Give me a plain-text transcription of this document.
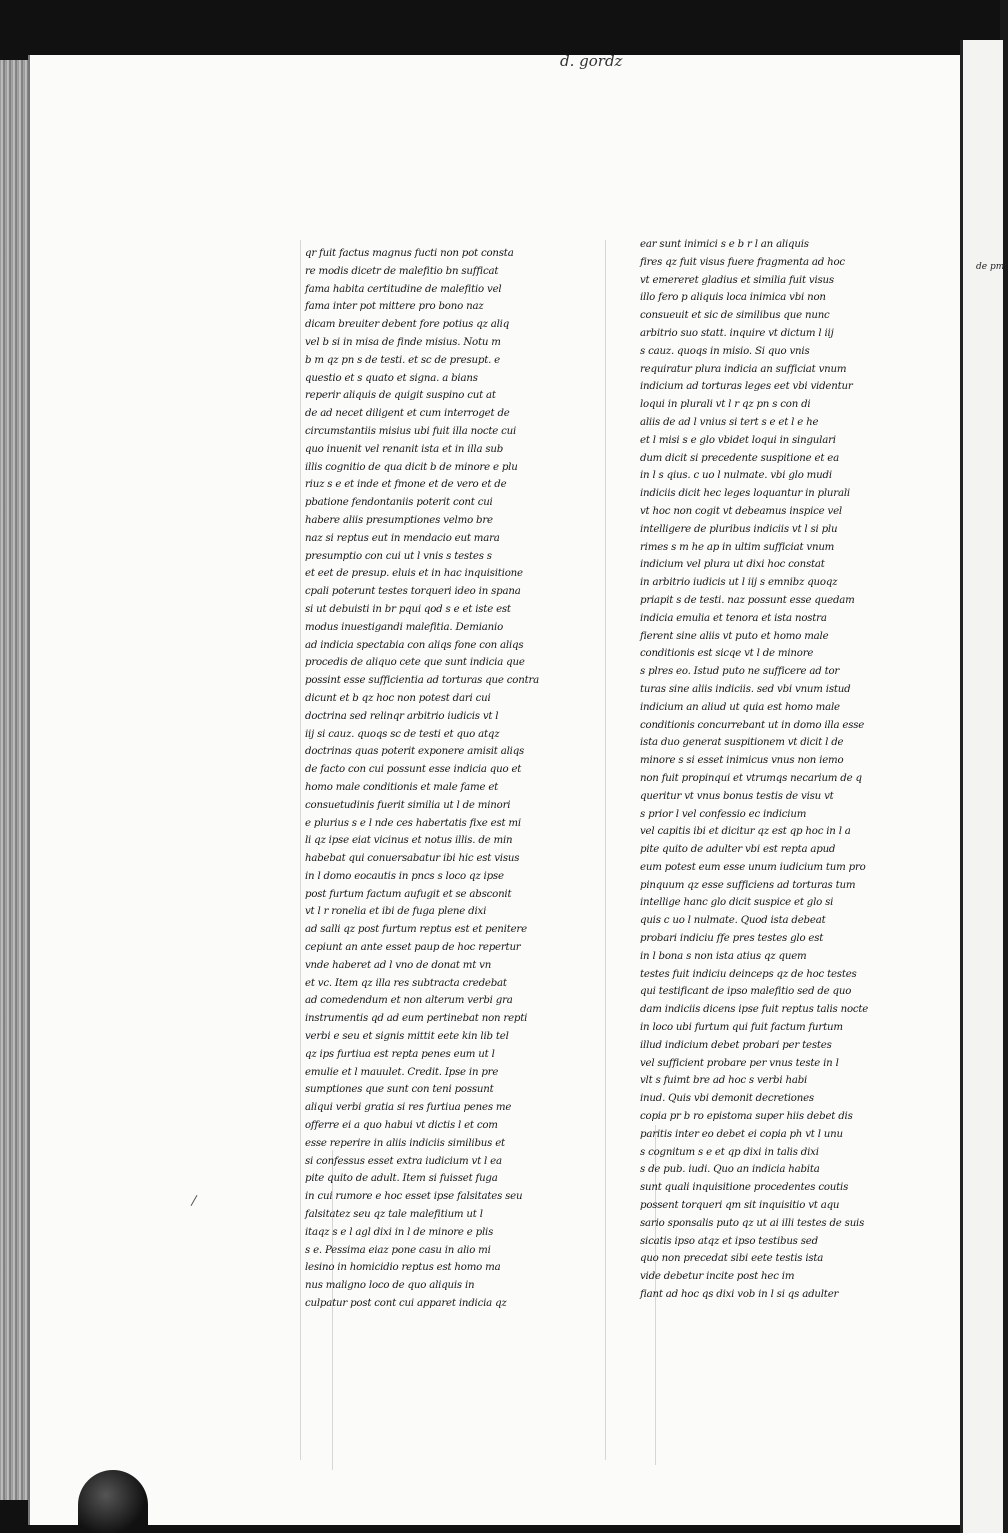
de pmt
d. gordz
qr fuit factus magnus fucti non pot consta
re modis dicetr de malefitio bn sufficat
fama habita certitudine de malefitio vel
fama inter pot mittere pro bono naz
dicam breuiter debent fore potius qz aliq
vel b si in misa de finde misius. Notu m
b m qz pn s de testi. et sc de presupt. e
questio et s quato et signa. a bians
reperir aliquis de quigit suspino cut at
de ad necet diligent et cum interroget de
circumstantiis misius ubi fuit illa nocte cui
quo inuenit vel renanit ista et in illa sub
illis cognitio de qua dicit b de minore e plu
riuz s e et inde et fmone et de vero et de
pbatione fendontaniis poterit cont cui
habere aliis presumptiones velmo bre
naz si reptus eut in mendacio eut mara
presumptio con cui ut l vnis s testes s
et eet de presup. eluis et in hac inquisitione
cpali poterunt testes torqueri ideo in spana
si ut debuisti in br pqui qod s e et iste est
modus inuestigandi malefitia. Demianio
ad indicia spectabia con aliqs fone con aliqs
procedis de aliquo cete que sunt indicia que
possint esse sufficientia ad torturas que contra
dicunt et b qz hoc non potest dari cui
doctrina sed relinqr arbitrio iudicis vt l
iij si cauz. quoqs sc de testi et quo atqz
doctrinas quas poterit exponere amisit aliqs
de facto con cui possunt esse indicia quo et
homo male conditionis et male fame et
consuetudinis fuerit similia ut l de minori
e plurius s e l nde ces habertatis fixe est mi
li qz ipse eiat vicinus et notus illis. de min
habebat qui conuersabatur ibi hic est visus
in l domo eocautis in pncs s loco qz ipse
post furtum factum aufugit et se absconit
vt l r ronelia et ibi de fuga plene dixi
ad salli qz post furtum reptus est et penitere
cepiunt an ante esset paup de hoc repertur
vnde haberet ad l vno de donat mt vn
et vc. Item qz illa res subtracta credebat
ad comedendum et non alterum verbi gra
instrumentis qd ad eum pertinebat non repti
verbi e seu et signis mittit eete kin lib tel
qz ips furtiua est repta penes eum ut l
emulie et l mauulet. Credit. Ipse in pre
sumptiones que sunt con teni possunt
aliqui verbi gratia si res furtiua penes me
offerre ei a quo habui vt dictis l et com
esse reperire in aliis indiciis similibus et
si confessus esset extra iudicium vt l ea
pite quito de adult. Item si fuisset fuga
in cui rumore e hoc esset ipse falsitates seu
falsitatez seu qz tale malefitium ut l
itaqz s e l agl dixi in l de minore e plis
s e. Pessima eiaz pone casu in alio mi
lesino in homicidio reptus est homo ma
nus maligno loco de quo aliquis in
culpatur post cont cui apparet indicia qz
ear sunt inimici s e b r l an aliquis
fires qz fuit visus fuere fragmenta ad hoc
vt emereret gladius et similia fuit visus
illo fero p aliquis loca inimica vbi non
consueuit et sic de similibus que nunc
arbitrio suo statt. inquire vt dictum l iij
s cauz. quoqs in misio. Si quo vnis
requiratur plura indicia an sufficiat vnum
indicium ad torturas leges eet vbi videntur
loqui in plurali vt l r qz pn s con di
aliis de ad l vnius si tert s e et l e he
et l misi s e glo vbidet loqui in singulari
dum dicit si precedente suspitione et ea
in l s qius. c uo l nulmate. vbi glo mudi
indiciis dicit hec leges loquantur in plurali
vt hoc non cogit vt debeamus inspice vel
intelligere de pluribus indiciis vt l si plu
rimes s m he ap in ultim sufficiat vnum
indicium vel plura ut dixi hoc constat
in arbitrio iudicis ut l iij s emnibz quoqz
priapit s de testi. naz possunt esse quedam
indicia emulia et tenora et ista nostra
fierent sine aliis vt puto et homo male
conditionis est sicqe vt l de minore
s plres eo. Istud puto ne sufficere ad tor
turas sine aliis indiciis. sed vbi vnum istud
indicium an aliud ut quia est homo male
conditionis concurrebant ut in domo illa esse
ista duo generat suspitionem vt dicit l de
minore s si esset inimicus vnus non iemo
non fuit propinqui et vtrumqs necarium de q
queritur vt vnus bonus testis de visu vt
s prior l vel confessio ec indicium
vel capitis ibi et dicitur qz est qp hoc in l a
pite quito de adulter vbi est repta apud
eum potest eum esse unum iudicium tum pro
pinquum qz esse sufficiens ad torturas tum
intellige hanc glo dicit suspice et glo si
quis c uo l nulmate. Quod ista debeat
probari indiciu ffe pres testes glo est
in l bona s non ista atius qz quem
testes fuit indiciu deinceps qz de hoc testes
qui testificant de ipso malefitio sed de quo
dam indiciis dicens ipse fuit reptus talis nocte
in loco ubi furtum qui fuit factum furtum
illud indicium debet probari per testes
vel sufficient probare per vnus teste in l
vlt s fuimt bre ad hoc s verbi habi
inud. Quis vbi demonit decretiones
copia pr b ro epistoma super hiis debet dis
paritis inter eo debet ei copia ph vt l unu
s cognitum s e et qp dixi in talis dixi
s de pub. iudi. Quo an indicia habita
sunt quali inquisitione procedentes coutis
possent torqueri qm sit inquisitio vt aqu
sario sponsalis puto qz ut ai illi testes de suis
sicatis ipso atqz et ipso testibus sed
quo non precedat sibi eete testis ista
vide debetur incite post hec im
fiant ad hoc qs dixi vob in l si qs adulter
